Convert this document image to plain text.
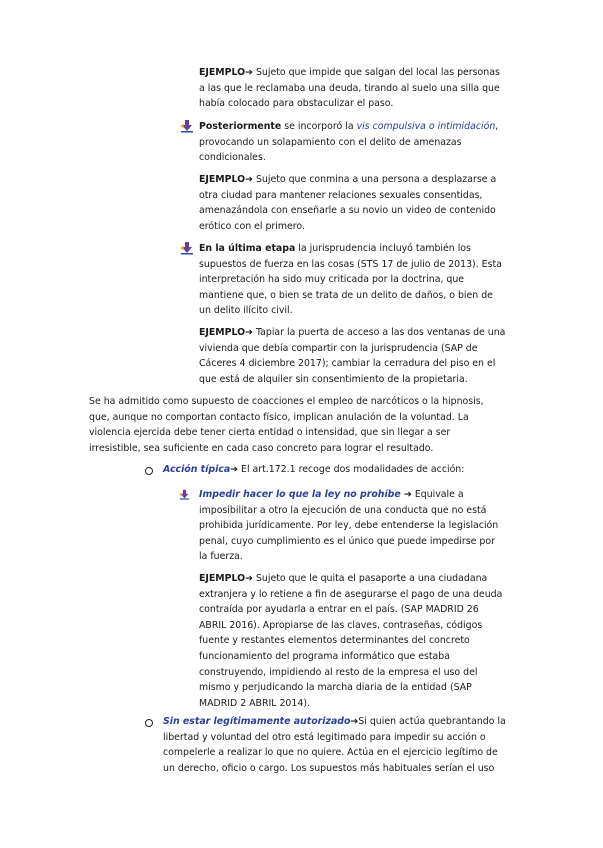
EJEMPLO➔ Sujeto que impide que salgan del local las personas
a las que le reclamaba una deuda, tirando al suelo una silla que
había colocado para obstaculizar el paso.
Posteriormente se incorporó la vis compulsiva o intimidación,
provocando un solapamiento con el delito de amenazas
condicionales.
EJEMPLO➔ Sujeto que conmina a una persona a desplazarse a
otra ciudad para mantener relaciones sexuales consentidas,
amenazándola con enseñarle a su novio un video de contenido
erótico con el primero.
En la última etapa la jurisprudencia incluyó también los
supuestos de fuerza en las cosas (STS 17 de julio de 2013). Esta
interpretación ha sido muy criticada por la doctrina, que
mantiene que, o bien se trata de un delito de daños, o bien de
un delito ilícito civil.
EJEMPLO➔ Tapiar la puerta de acceso a las dos ventanas de una
vivienda que debía compartir con la jurisprudencia (SAP de
Cáceres 4 diciembre 2017); cambiar la cerradura del piso en el
que está de alquiler sin consentimiento de la propietaria.
Se ha admitido como supuesto de coacciones el empleo de narcóticos o la hipnosis,
que, aunque no comportan contacto físico, implican anulación de la voluntad. La
violencia ejercida debe tener cierta entidad o intensidad, que sin llegar a ser
irresistible, sea suficiente en cada caso concreto para lograr el resultado.
Acción típica➔ El art.172.1 recoge dos modalidades de acción:
Impedir hacer lo que la ley no prohíbe ➔ Equivale a
imposibilitar a otro la ejecución de una conducta que no está
prohibida jurídicamente. Por ley, debe entenderse la legislación
penal, cuyo cumplimiento es el único que puede impedirse por
la fuerza.
EJEMPLO➔ Sujeto que le quita el pasaporte a una ciudadana
extranjera y lo retiene a fin de asegurarse el pago de una deuda
contraída por ayudarla a entrar en el país. (SAP MADRID 26
ABRIL 2016). Apropiarse de las claves, contraseñas, códigos
fuente y restantes elementos determinantes del concreto
funcionamiento del programa informático que estaba
construyendo, impidiendo al resto de la empresa el uso del
mismo y perjudicando la marcha diaria de la entidad (SAP
MADRID 2 ABRIL 2014).
Sin estar legítimamente autorizado➔Si quien actúa quebrantando la
libertad y voluntad del otro está legitimado para impedir su acción o
compelerle a realizar lo que no quiere. Actúa en el ejercicio legítimo de
un derecho, oficio o cargo. Los supuestos más habituales serían el uso
